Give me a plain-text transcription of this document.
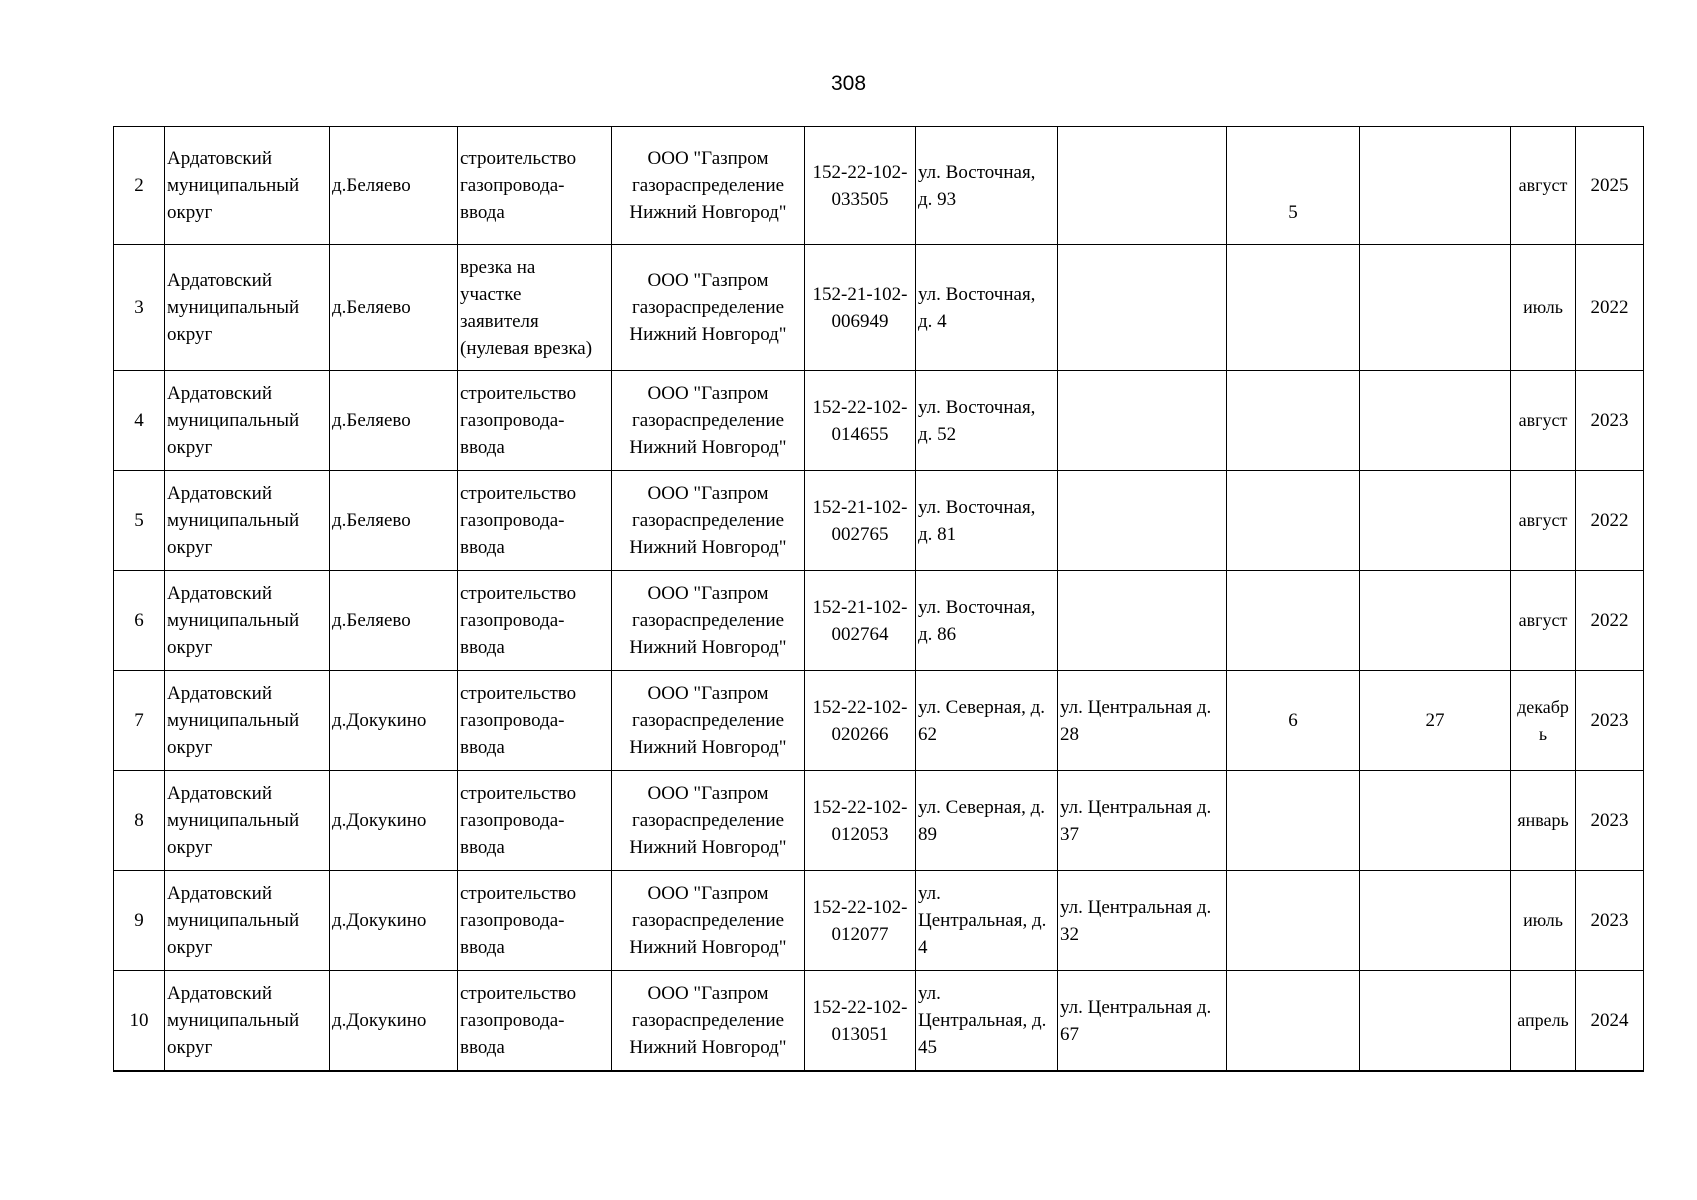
308
2	Ардатовский
муниципальный
округ	д.Беляево	строительство
газопровода-
ввода	ООО "Газпром
газораспределение
Нижний Новгород"	152-22-102-
033505	ул. Восточная,
д. 93		5		август	2025

3	Ардатовский
муниципальный
округ	д.Беляево	врезка на
участке
заявителя
(нулевая врезка)	ООО "Газпром
газораспределение
Нижний Новгород"	152-21-102-
006949	ул. Восточная,
д. 4				июль	2022

4	Ардатовский
муниципальный
округ	д.Беляево	строительство
газопровода-
ввода	ООО "Газпром
газораспределение
Нижний Новгород"	152-22-102-
014655	ул. Восточная,
д. 52				август	2023

5	Ардатовский
муниципальный
округ	д.Беляево	строительство
газопровода-
ввода	ООО "Газпром
газораспределение
Нижний Новгород"	152-21-102-
002765	ул. Восточная,
д. 81				август	2022

6	Ардатовский
муниципальный
округ	д.Беляево	строительство
газопровода-
ввода	ООО "Газпром
газораспределение
Нижний Новгород"	152-21-102-
002764	ул. Восточная,
д. 86				август	2022

7	Ардатовский
муниципальный
округ	д.Докукино	строительство
газопровода-
ввода	ООО "Газпром
газораспределение
Нижний Новгород"	152-22-102-
020266	ул. Северная, д.
62	ул. Центральная д.
28	6	27	декабр
ь	2023

8	Ардатовский
муниципальный
округ	д.Докукино	строительство
газопровода-
ввода	ООО "Газпром
газораспределение
Нижний Новгород"	152-22-102-
012053	ул. Северная, д.
89	ул. Центральная д.
37			январь	2023

9	Ардатовский
муниципальный
округ	д.Докукино	строительство
газопровода-
ввода	ООО "Газпром
газораспределение
Нижний Новгород"	152-22-102-
012077	ул.
Центральная, д.
4	ул. Центральная д.
32			июль	2023

10	Ардатовский
муниципальный
округ	д.Докукино	строительство
газопровода-
ввода	ООО "Газпром
газораспределение
Нижний Новгород"	152-22-102-
013051	ул.
Центральная, д.
45	ул. Центральная д.
67			апрель	2024
